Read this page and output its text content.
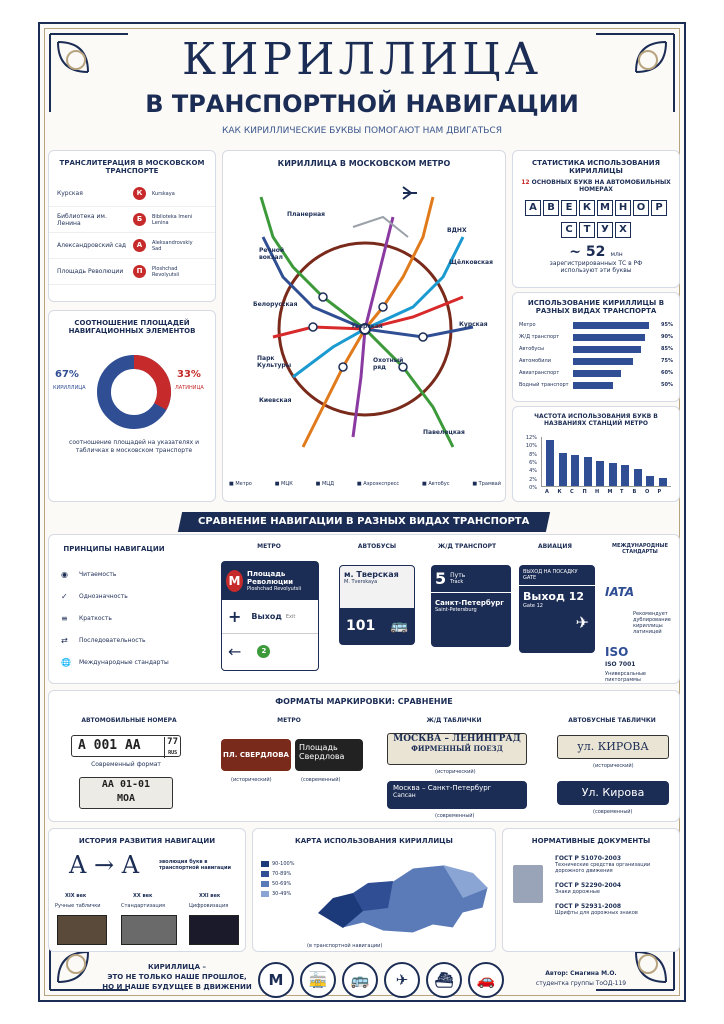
КИРИЛЛИЦА
В ТРАНСПОРТНОЙ НАВИГАЦИИ
КАК КИРИЛЛИЧЕСКИЕ БУКВЫ ПОМОГАЮТ НАМ ДВИГАТЬСЯ
ТРАНСЛИТЕРАЦИЯ В МОСКОВСКОМ ТРАНСПОРТЕ
Курская	К	Kurskaya
Библиотека им. Ленина	Б	Biblioteka Imeni Lenina
Александровский сад	А	Aleksandrovskiy Sad
Площадь Революции	П	Ploshchad Revolyutsii
СООТНОШЕНИЕ ПЛОЩАДЕЙ НАВИГАЦИОННЫХ ЭЛЕМЕНТОВ
67%
КИРИЛЛИЦА
33%
ЛАТИНИЦА
соотношение площадей на указателях и табличках в московском транспорте
КИРИЛЛИЦА В МОСКОВСКОМ МЕТРО
Планерная
Речной вокзал
ВДНХ
Щёлковская
Белорусская
Тверская	Курская
Охотный ряд
Парк Культуры
Киевская
Павелецкая
■ Метро	■ МЦК	■ МЦД	■ Аэроэкспресс	■ Автобус	■ Трамвай
СТАТИСТИКА ИСПОЛЬЗОВАНИЯ КИРИЛЛИЦЫ
12 ОСНОВНЫХ БУКВ НА АВТОМОБИЛЬНЫХ НОМЕРАХ
А В Е К М Н О РС Т У Х
~ 52 млн
зарегистрированных ТС в РФ используют эти буквы
ИСПОЛЬЗОВАНИЕ КИРИЛЛИЦЫ В РАЗНЫХ ВИДАХ ТРАНСПОРТА
Метро	95%
Ж/Д транспорт	90%
Автобусы	85%
Автомобили	75%
Авиатранспорт	60%
Водный транспорт	50%
ЧАСТОТА ИСПОЛЬЗОВАНИЯ БУКВ В НАЗВАНИЯХ СТАНЦИЙ МЕТРО
12%
10%
8%
6%
4%
2%
0%
А К С П Н М Т В О Р
СРАВНЕНИЕ НАВИГАЦИИ В РАЗНЫХ ВИДАХ ТРАНСПОРТА
ПРИНЦИПЫ НАВИГАЦИИ
◉	Читаемость
✓	Однозначность
≡	Краткость
⇄	Последовательность
🌐	Международные стандарты
МЕТРО	АВТОБУСЫ	Ж/Д ТРАНСПОРТ	АВИАЦИЯ	МЕЖДУНАРОДНЫЕ СТАНДАРТЫ
М Площадь Революции
Ploshchad Revolyutsii
+ Выход Exit
←	2
м. Тверская
M. Tverskaya
101 🚌
5 Путь
Track
Санкт-Петербург
Saint-Petersburg
ВЫХОД НА ПОСАДКУ
GATE
Выход 12
Gate 12
✈
IATA
Рекомендует дублирование кириллицы латиницей
ISO
ISO 7001
Универсальные пиктограммы
ФОРМАТЫ МАРКИРОВКИ: СРАВНЕНИЕ
АВТОМОБИЛЬНЫЕ НОМЕРА	МЕТРО	Ж/Д ТАБЛИЧКИ	АВТОБУСНЫЕ ТАБЛИЧКИ
А 001 АА	77
RUS
Современный формат
АА 01-01
МОА
ПЛ. СВЕРДЛОВА
Площадь Свердлова
(исторический)	(современный)
МОСКВА – ЛЕНИНГРАД
ФИРМЕННЫЙ ПОЕЗД
(исторический)
Москва – Санкт-Петербург
Сапсан
(современный)
ул. КИРОВА
(исторический)
Ул. Кирова
(современный)
ИСТОРИЯ РАЗВИТИЯ НАВИГАЦИИ
A → A	эволюция букв в транспортной навигации
XIX век	XX век	XXI век
Ручные таблички	Стандартизация	Цифровизация
КАРТА ИСПОЛЬЗОВАНИЯ КИРИЛЛИЦЫ
90-100%
70-89%
50-69%
30-49%
(в транспортной навигации)
НОРМАТИВНЫЕ ДОКУМЕНТЫ
ГОСТ Р 51070-2003
Технические средства организации дорожного движения
ГОСТ Р 52290-2004
Знаки дорожные
ГОСТ Р 52931-2008
Шрифты для дорожных знаков
КИРИЛЛИЦА –
ЭТО НЕ ТОЛЬКО НАШЕ ПРОШЛОЕ,
НО И НАШЕ БУДУЩЕЕ В ДВИЖЕНИИ	M	🚋	🚌	✈	⛴	🚗	Автор: Смагина М.О.
студентка группы ТоОД-119
